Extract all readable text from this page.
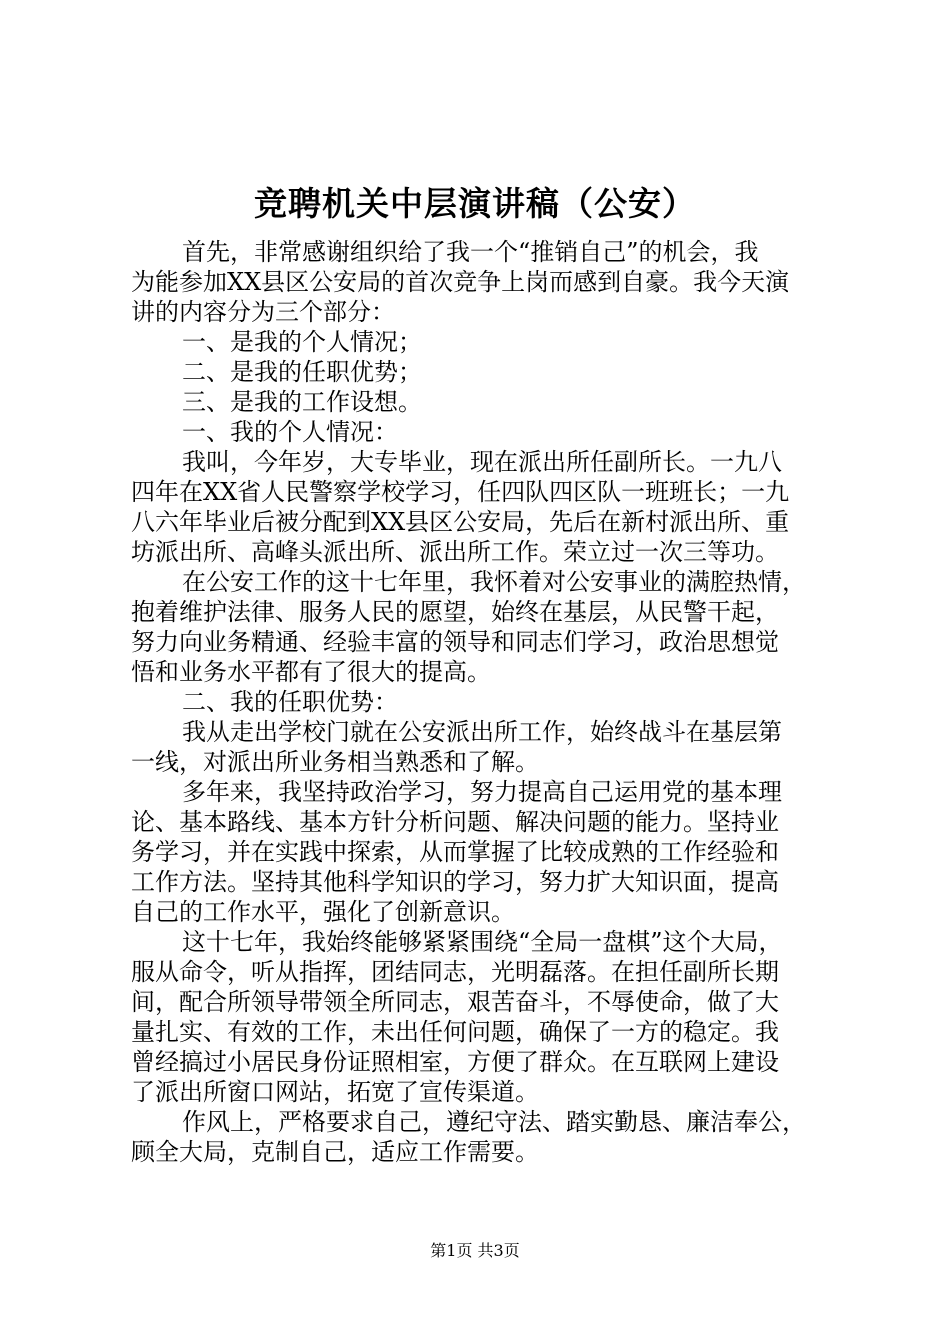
竞聘机关中层演讲稿（公安）
首先，非常感谢组织给了我一个“推销自己”的机会，我
为能参加XX县区公安局的首次竞争上岗而感到自豪。我今天演
讲的内容分为三个部分：
一、是我的个人情况；
二、是我的任职优势；
三、是我的工作设想。
一、我的个人情况：
我叫，今年岁，大专毕业，现在派出所任副所长。一九八
四年在XX省人民警察学校学习，任四队四区队一班班长；一九
八六年毕业后被分配到XX县区公安局，先后在新村派出所、重
坊派出所、高峰头派出所、派出所工作。荣立过一次三等功。
在公安工作的这十七年里，我怀着对公安事业的满腔热情，
抱着维护法律、服务人民的愿望，始终在基层，从民警干起，
努力向业务精通、经验丰富的领导和同志们学习，政治思想觉
悟和业务水平都有了很大的提高。
二、我的任职优势：
我从走出学校门就在公安派出所工作，始终战斗在基层第
一线，对派出所业务相当熟悉和了解。
多年来，我坚持政治学习，努力提高自己运用党的基本理
论、基本路线、基本方针分析问题、解决问题的能力。坚持业
务学习，并在实践中探索，从而掌握了比较成熟的工作经验和
工作方法。坚持其他科学知识的学习，努力扩大知识面，提高
自己的工作水平，强化了创新意识。
这十七年，我始终能够紧紧围绕“全局一盘棋”这个大局，
服从命令，听从指挥，团结同志，光明磊落。在担任副所长期
间，配合所领导带领全所同志，艰苦奋斗，不辱使命，做了大
量扎实、有效的工作，未出任何问题，确保了一方的稳定。我
曾经搞过小居民身份证照相室，方便了群众。在互联网上建设
了派出所窗口网站，拓宽了宣传渠道。
作风上，严格要求自己，遵纪守法、踏实勤恳、廉洁奉公，
顾全大局，克制自己，适应工作需要。
第1页 共3页
